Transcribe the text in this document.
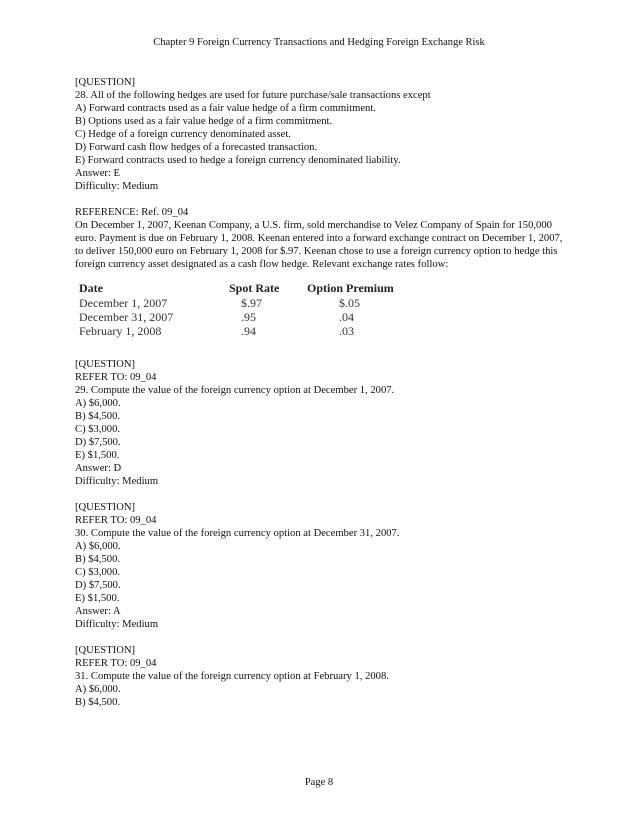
Chapter 9 Foreign Currency Transactions and Hedging Foreign Exchange Risk
[QUESTION]
28. All of the following hedges are used for future purchase/sale transactions except
A) Forward contracts used as a fair value hedge of a firm commitment.
B) Options used as a fair value hedge of a firm commitment.
C) Hedge of a foreign currency denominated asset.
D) Forward cash flow hedges of a forecasted transaction.
E) Forward contracts used to hedge a foreign currency denominated liability.
Answer: E
Difficulty: Medium
REFERENCE: Ref. 09_04
On December 1, 2007, Keenan Company, a U.S. firm, sold merchandise to Velez Company of Spain for 150,000 euro. Payment is due on February 1, 2008. Keenan entered into a forward exchange contract on December 1, 2007, to deliver 150,000 euro on February 1, 2008 for $.97. Keenan chose to use a foreign currency option to hedge this foreign currency asset designated as a cash flow hedge. Relevant exchange rates follow:
Date	Spot Rate	Option Premium
December 1, 2007	$.97	$.05
December 31, 2007	.95	.04
February 1, 2008	.94	.03
[QUESTION]
REFER TO: 09_04
29. Compute the value of the foreign currency option at December 1, 2007.
A) $6,000.
B) $4,500.
C) $3,000.
D) $7,500.
E) $1,500.
Answer: D
Difficulty: Medium
[QUESTION]
REFER TO: 09_04
30. Compute the value of the foreign currency option at December 31, 2007.
A) $6,000.
B) $4,500.
C) $3,000.
D) $7,500.
E) $1,500.
Answer: A
Difficulty: Medium
[QUESTION]
REFER TO: 09_04
31. Compute the value of the foreign currency option at February 1, 2008.
A) $6,000.
B) $4,500.
Page 8
